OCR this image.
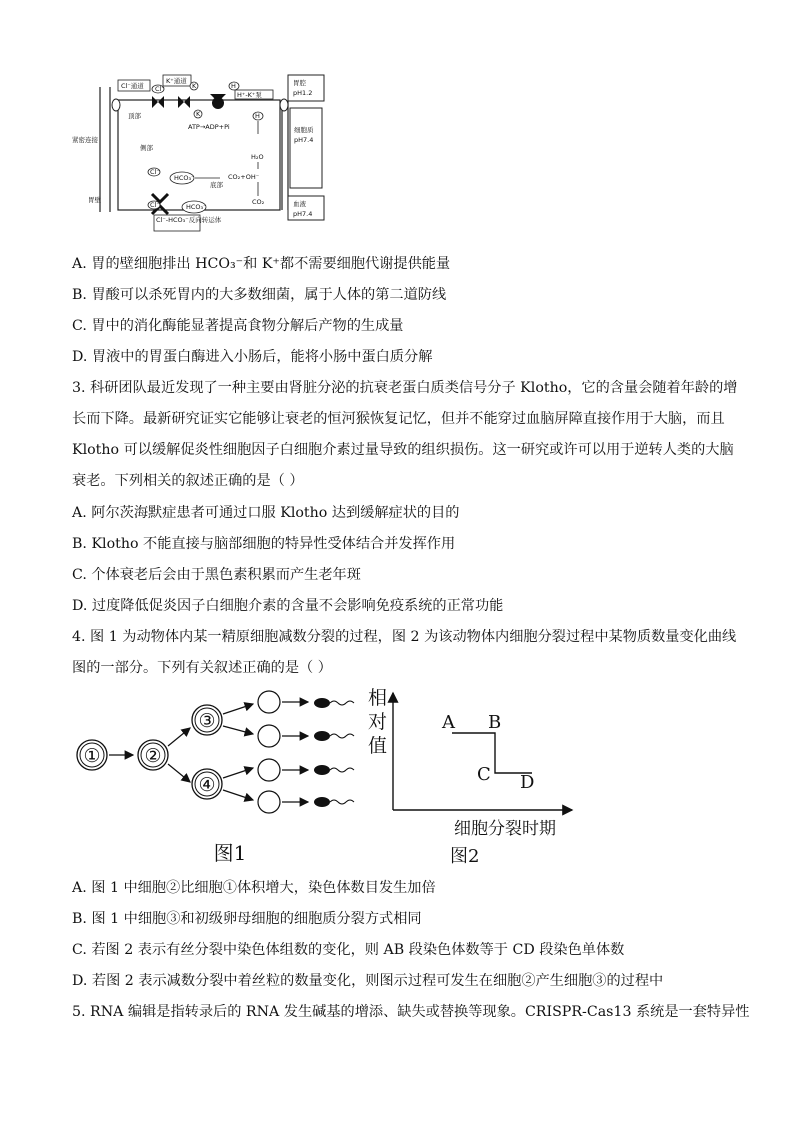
胃腔
pH1.2
细胞质
pH7.4
血液
pH7.4
Cl⁻通道
K⁺通道
H⁺-K⁺泵
Cl⁻	K	H
K
ATP→ADP+Pi
顶部
侧部
紧密连接
胃壁
底部
H
H₂O
CO₂+OH⁻
CO₂
HCO₃⁻
Cl⁻
Cl⁻	HCO₃⁻
Cl⁻-HCO₃⁻反向转运体
A. 胃的壁细胞排出 HCO₃⁻和 K⁺都不需要细胞代谢提供能量
B. 胃酸可以杀死胃内的大多数细菌，属于人体的第二道防线
C. 胃中的消化酶能显著提高食物分解后产物的生成量
D. 胃液中的胃蛋白酶进入小肠后，能将小肠中蛋白质分解
3. 科研团队最近发现了一种主要由肾脏分泌的抗衰老蛋白质类信号分子 Klotho，它的含量会随着年龄的增
长而下降。最新研究证实它能够让衰老的恒河猴恢复记忆，但并不能穿过血脑屏障直接作用于大脑，而且
Klotho 可以缓解促炎性细胞因子白细胞介素过量导致的组织损伤。这一研究或许可以用于逆转人类的大脑
衰老。下列相关的叙述正确的是（ ）
A. 阿尔茨海默症患者可通过口服 Klotho 达到缓解症状的目的
B. Klotho 不能直接与脑部细胞的特异性受体结合并发挥作用
C. 个体衰老后会由于黑色素积累而产生老年斑
D. 过度降低促炎因子白细胞介素的含量不会影响免疫系统的正常功能
4. 图 1 为动物体内某一精原细胞减数分裂的过程，图 2 为该动物体内细胞分裂过程中某物质数量变化曲线
图的一部分。下列有关叙述正确的是（ ）
① ②
③
④
图1
相
对
值
A B
C D
细胞分裂时期
图2
A. 图 1 中细胞②比细胞①体积增大，染色体数目发生加倍
B. 图 1 中细胞③和初级卵母细胞的细胞质分裂方式相同
C. 若图 2 表示有丝分裂中染色体组数的变化，则 AB 段染色体数等于 CD 段染色单体数
D. 若图 2 表示减数分裂中着丝粒的数量变化，则图示过程可发生在细胞②产生细胞③的过程中
5. RNA 编辑是指转录后的 RNA 发生碱基的增添、缺失或替换等现象。CRISPR-Cas13 系统是一套特异性
